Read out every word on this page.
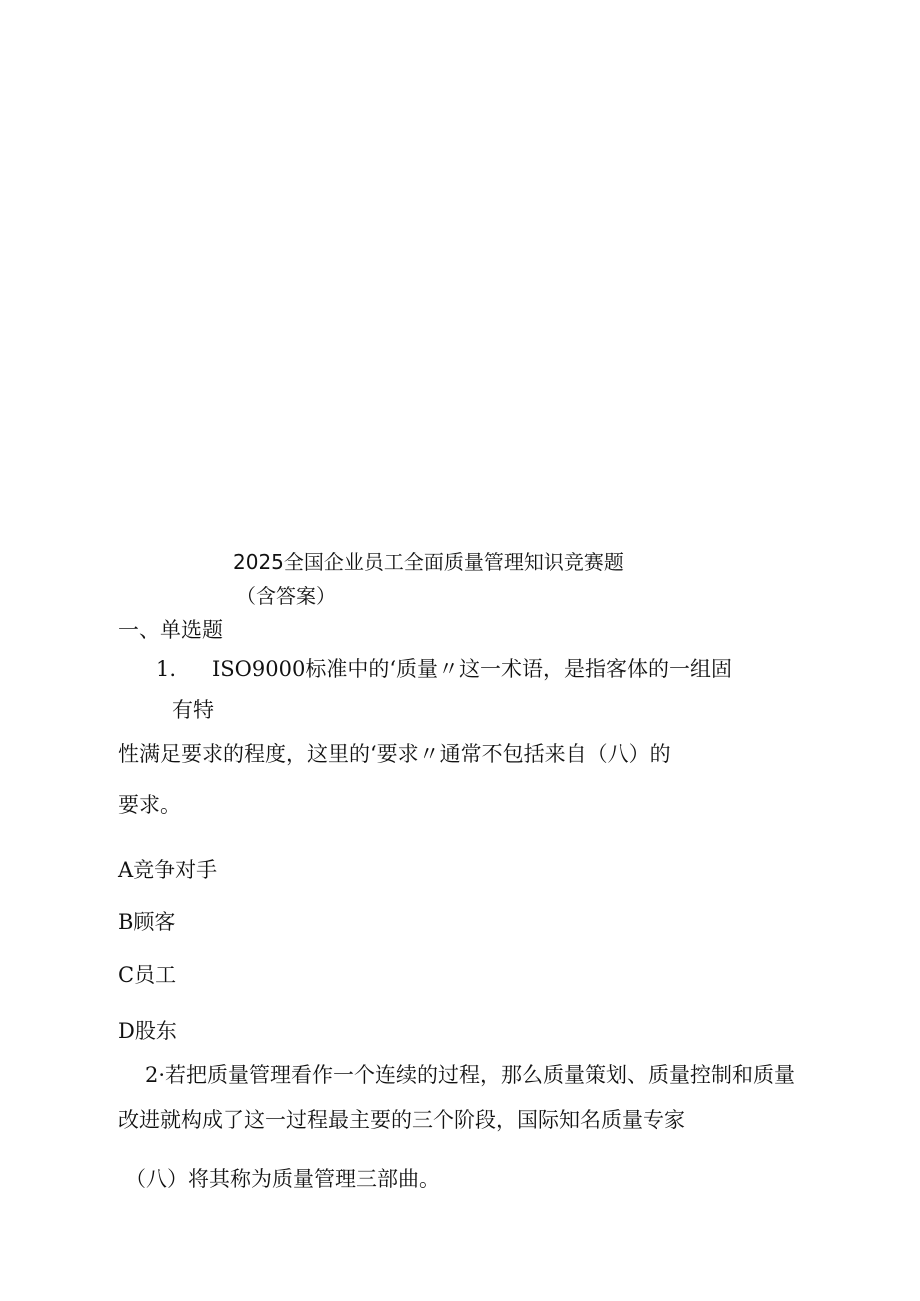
2025全国企业员工全面质量管理知识竞赛题
（含答案）
一、单选题
1. ISO9000标准中的‘质量〃这一术语，是指客体的一组固
有特
性满足要求的程度，这里的‘要求〃通常不包括来自（八）的
要求。
A竞争对手
B顾客
C员工
D股东
2·若把质量管理看作一个连续的过程，那么质量策划、质量控制和质量
改进就构成了这一过程最主要的三个阶段，国际知名质量专家
（八）将其称为质量管理三部曲。
